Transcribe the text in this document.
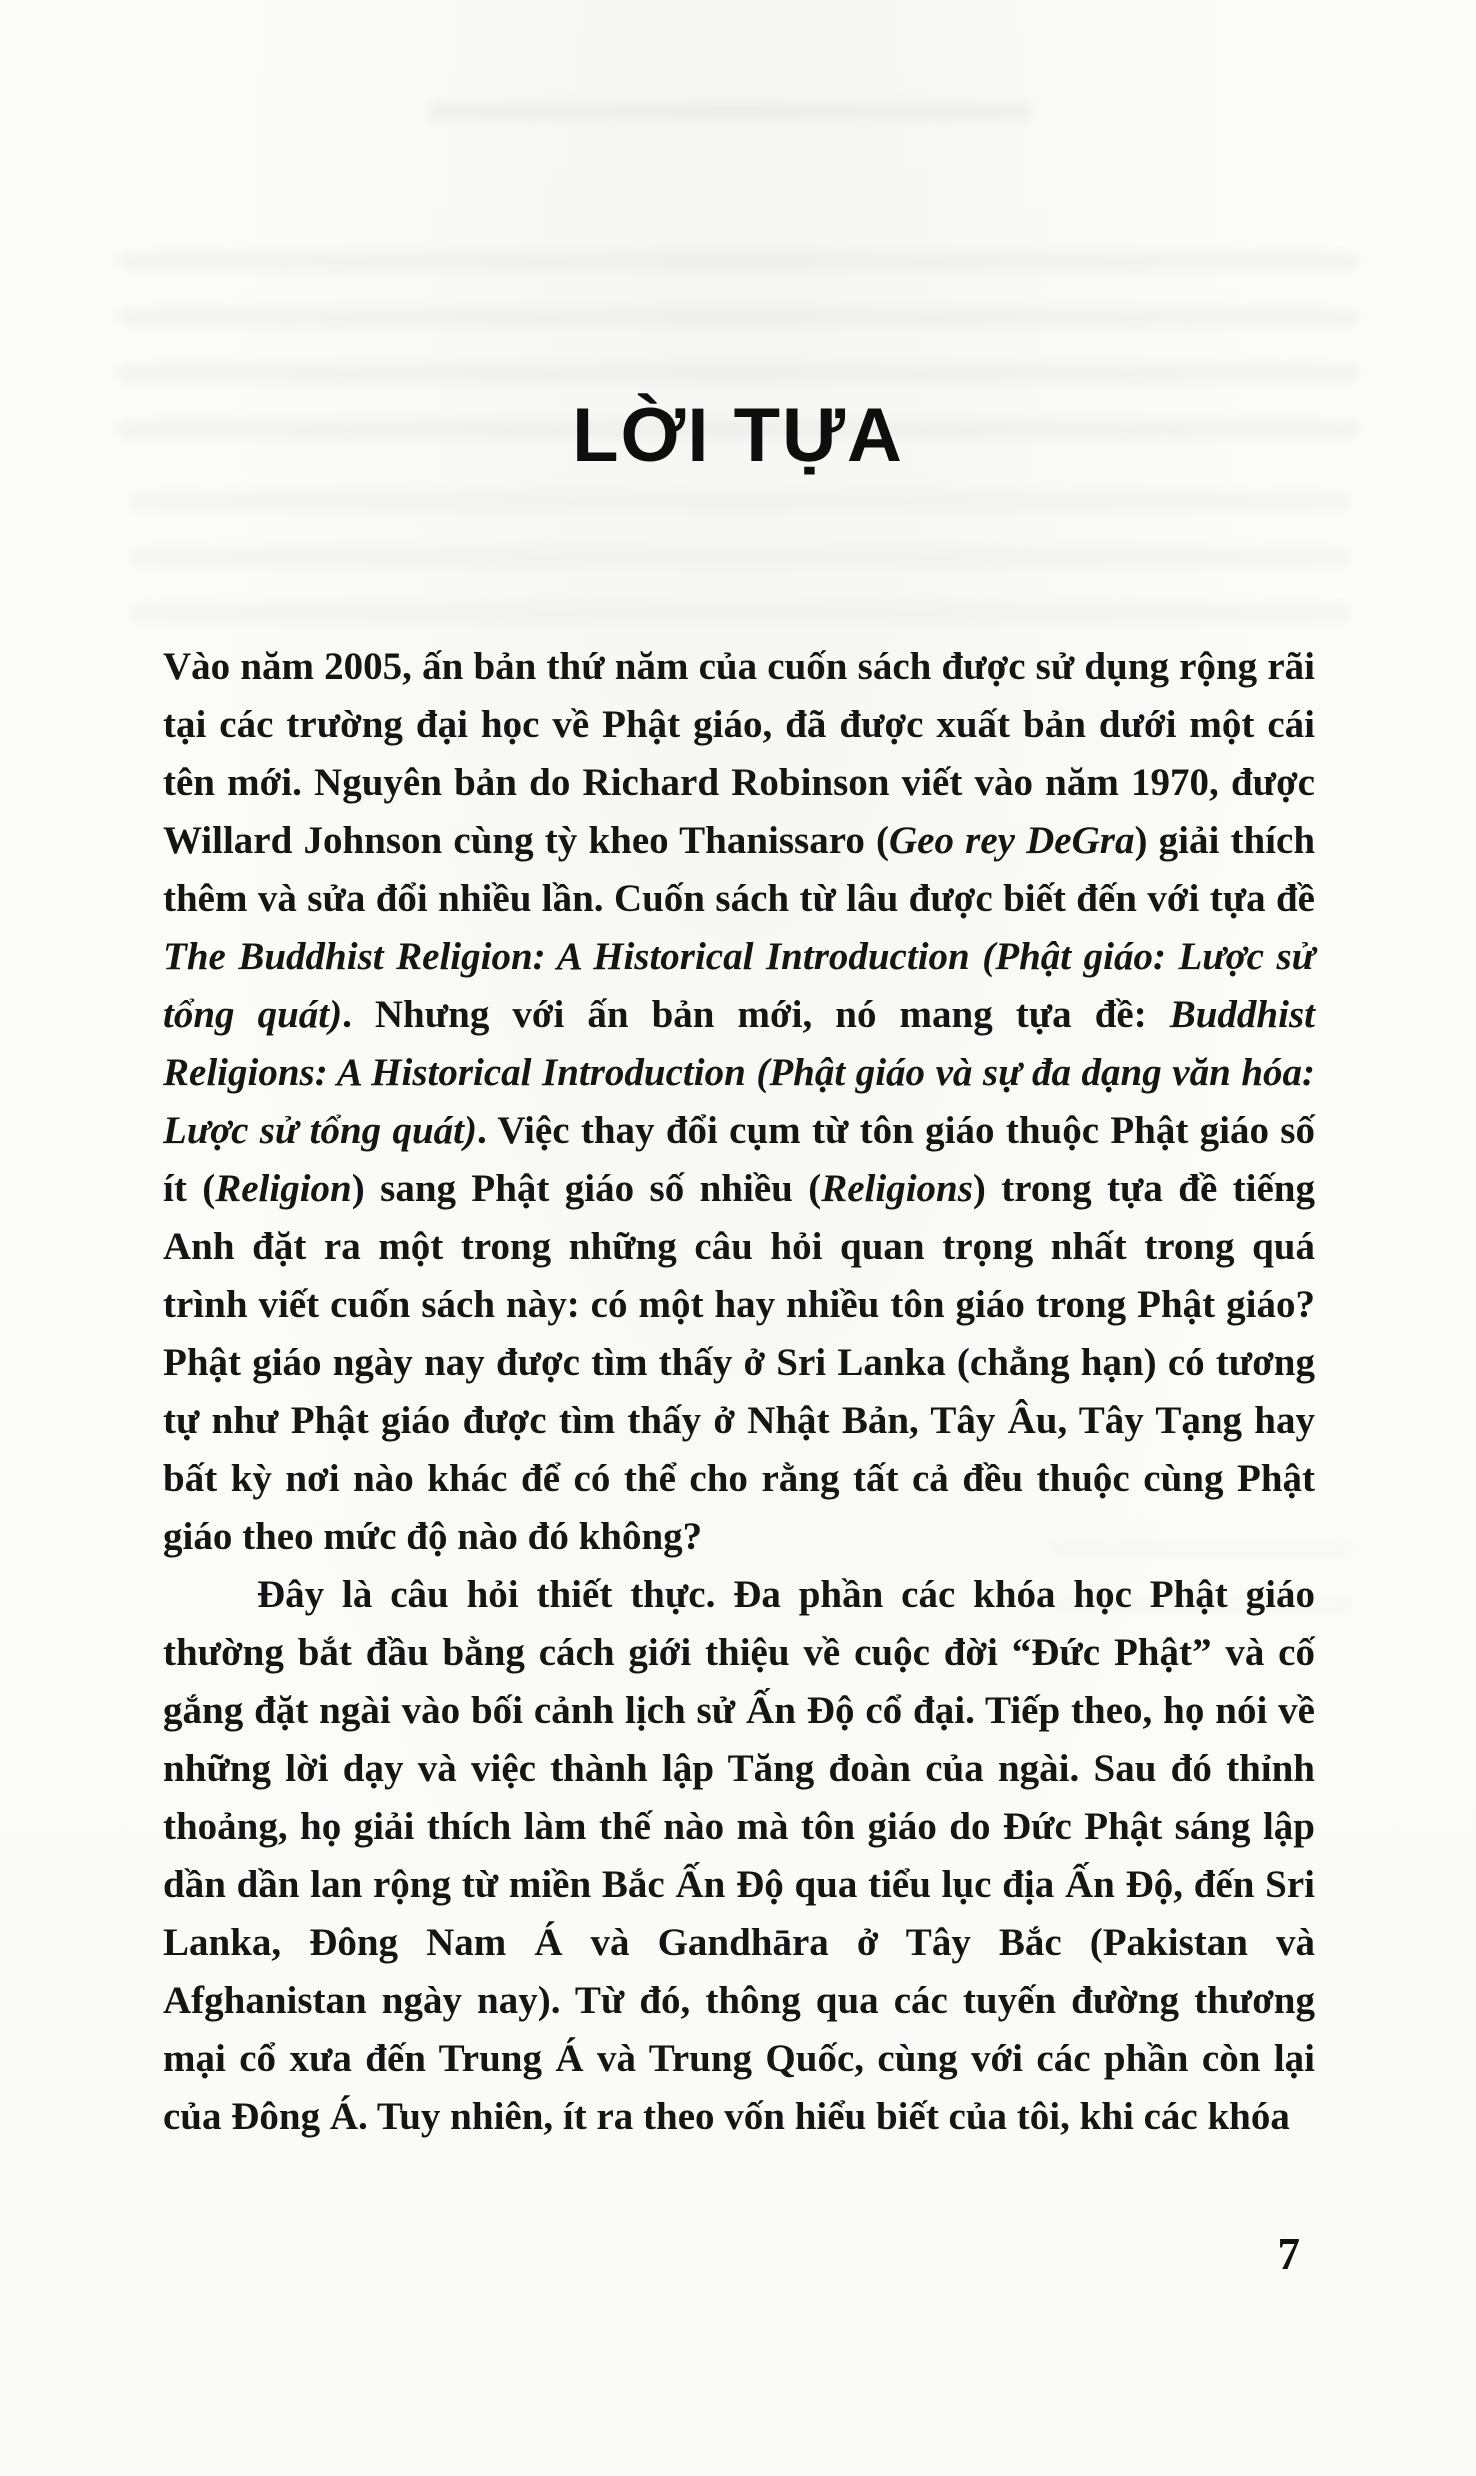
LỜI TỰA

Vào năm 2005, ấn bản thứ năm của cuốn sách được sử dụng rộng rãi tại các trường đại học về Phật giáo, đã được xuất bản dưới một cái tên mới. Nguyên bản do Richard Robinson viết vào năm 1970, được Willard Johnson cùng tỳ kheo Thanissaro (Geo rey DeGra) giải thích thêm và sửa đổi nhiều lần. Cuốn sách từ lâu được biết đến với tựa đề The Buddhist Religion: A Historical Introduction (Phật giáo: Lược sử tổng quát). Nhưng với ấn bản mới, nó mang tựa đề: Buddhist Religions: A Historical Introduction (Phật giáo và sự đa dạng văn hóa: Lược sử tổng quát). Việc thay đổi cụm từ tôn giáo thuộc Phật giáo số ít (Religion) sang Phật giáo số nhiều (Religions) trong tựa đề tiếng Anh đặt ra một trong những câu hỏi quan trọng nhất trong quá trình viết cuốn sách này: có một hay nhiều tôn giáo trong Phật giáo? Phật giáo ngày nay được tìm thấy ở Sri Lanka (chẳng hạn) có tương tự như Phật giáo được tìm thấy ở Nhật Bản, Tây Âu, Tây Tạng hay bất kỳ nơi nào khác để có thể cho rằng tất cả đều thuộc cùng Phật giáo theo mức độ nào đó không?

Đây là câu hỏi thiết thực. Đa phần các khóa học Phật giáo thường bắt đầu bằng cách giới thiệu về cuộc đời “Đức Phật” và cố gắng đặt ngài vào bối cảnh lịch sử Ấn Độ cổ đại. Tiếp theo, họ nói về những lời dạy và việc thành lập Tăng đoàn của ngài. Sau đó thỉnh thoảng, họ giải thích làm thế nào mà tôn giáo do Đức Phật sáng lập dần dần lan rộng từ miền Bắc Ấn Độ qua tiểu lục địa Ấn Độ, đến Sri Lanka, Đông Nam Á và Gandhāra ở Tây Bắc (Pakistan và Afghanistan ngày nay). Từ đó, thông qua các tuyến đường thương mại cổ xưa đến Trung Á và Trung Quốc, cùng với các phần còn lại của Đông Á. Tuy nhiên, ít ra theo vốn hiểu biết của tôi, khi các khóa

7
